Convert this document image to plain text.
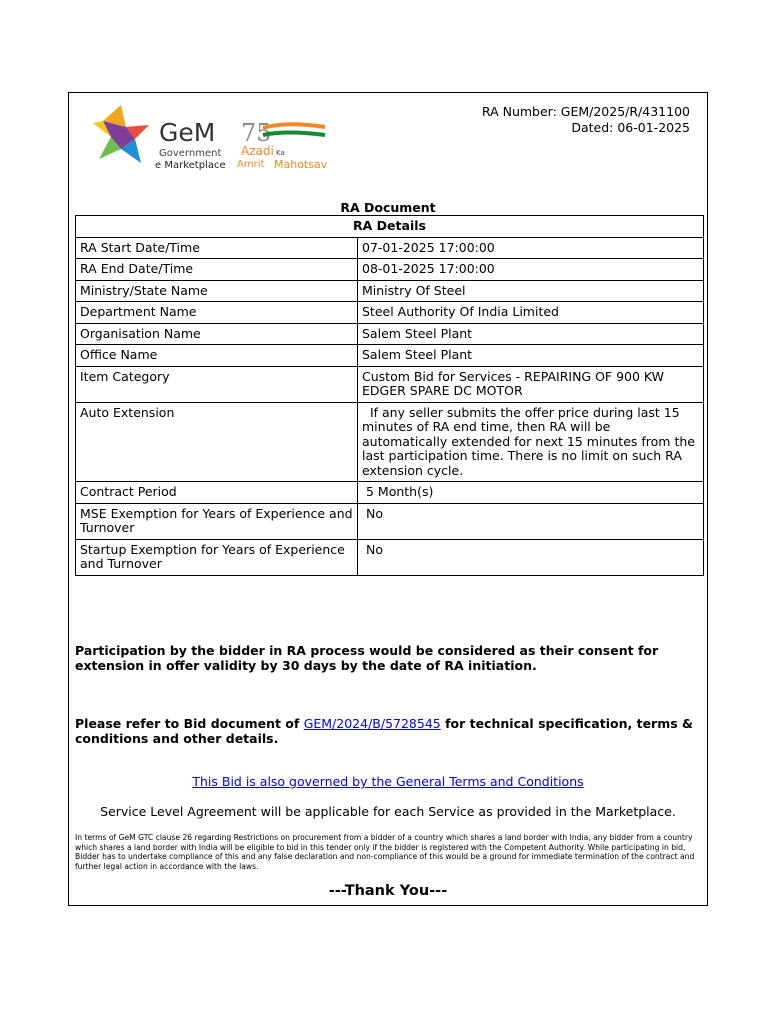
GeM
Government
e Marketplace
75
Azadi Ka
Amrit Mahotsav
RA Number: GEM/2025/R/431100
Dated: 06-01-2025
RA Document
RA Details	
RA Start Date/Time	07-01-2025 17:00:00
RA End Date/Time	08-01-2025 17:00:00
Ministry/State Name	Ministry Of Steel
Department Name	Steel Authority Of India Limited
Organisation Name	Salem Steel Plant
Office Name	Salem Steel Plant
Item Category	Custom Bid for Services - REPAIRING OF 900 KW EDGER SPARE DC MOTOR
Auto Extension	If any seller submits the offer price during last 15 minutes of RA end time, then RA will be automatically extended for next 15 minutes from the last participation time. There is no limit on such RA extension cycle.
Contract Period	5 Month(s)
MSE Exemption for Years of Experience and Turnover	No
Startup Exemption for Years of Experience and Turnover	No
Participation by the bidder in RA process would be considered as their consent for extension in offer validity by 30 days by the date of RA initiation.
Please refer to Bid document of GEM/2024/B/5728545 for technical specification, terms & conditions and other details.
This Bid is also governed by the General Terms and Conditions
Service Level Agreement will be applicable for each Service as provided in the Marketplace.
In terms of GeM GTC clause 26 regarding Restrictions on procurement from a bidder of a country which shares a land border with India, any bidder from a country which shares a land border with India will be eligible to bid in this tender only if the bidder is registered with the Competent Authority. While participating in bid, Bidder has to undertake compliance of this and any false declaration and non-compliance of this would be a ground for immediate termination of the contract and further legal action in accordance with the laws.
---Thank You---
